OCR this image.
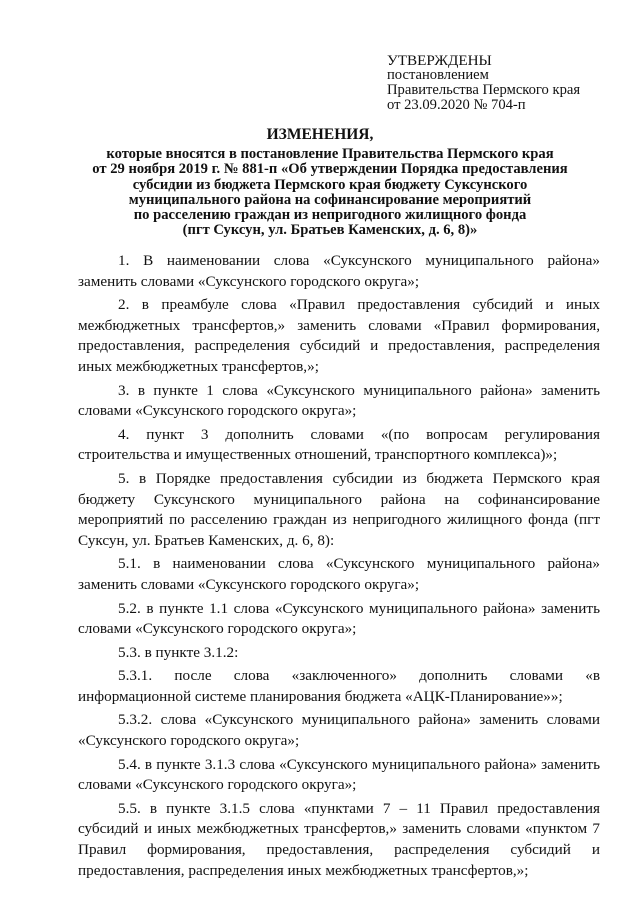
УТВЕРЖДЕНЫ
постановлением
Правительства Пермского края
от 23.09.2020 № 704-п
ИЗМЕНЕНИЯ,
которые вносятся в постановление Правительства Пермского края
от 29 ноября 2019 г. № 881-п «Об утверждении Порядка предоставления
субсидии из бюджета Пермского края бюджету Суксунского
муниципального района на софинансирование мероприятий
по расселению граждан из непригодного жилищного фонда
(пгт Суксун, ул. Братьев Каменских, д. 6, 8)»

1. В наименовании слова «Суксунского муниципального района» заменить словами «Суксунского городского округа»;

2. в преамбуле слова «Правил предоставления субсидий и иных межбюджетных трансфертов,» заменить словами «Правил формирования, предоставления, распределения субсидий и предоставления, распределения иных межбюджетных трансфертов,»;

3. в пункте 1 слова «Суксунского муниципального района» заменить словами «Суксунского городского округа»;

4. пункт 3 дополнить словами «(по вопросам регулирования строительства и имущественных отношений, транспортного комплекса)»;

5. в Порядке предоставления субсидии из бюджета Пермского края бюджету Суксунского муниципального района на софинансирование мероприятий по расселению граждан из непригодного жилищного фонда (пгт Суксун, ул. Братьев Каменских, д. 6, 8):

5.1. в наименовании слова «Суксунского муниципального района» заменить словами «Суксунского городского округа»;

5.2. в пункте 1.1 слова «Суксунского муниципального района» заменить словами «Суксунского городского округа»;

5.3. в пункте 3.1.2:

5.3.1. после слова «заключенного» дополнить словами «в информационной системе планирования бюджета «АЦК-Планирование»»;

5.3.2. слова «Суксунского муниципального района» заменить словами «Суксунского городского округа»;

5.4. в пункте 3.1.3 слова «Суксунского муниципального района» заменить словами «Суксунского городского округа»;

5.5. в пункте 3.1.5 слова «пунктами 7 – 11 Правил предоставления субсидий и иных межбюджетных трансфертов,» заменить словами «пунктом 7 Правил формирования, предоставления, распределения субсидий и предоставления, распределения иных межбюджетных трансфертов,»;
